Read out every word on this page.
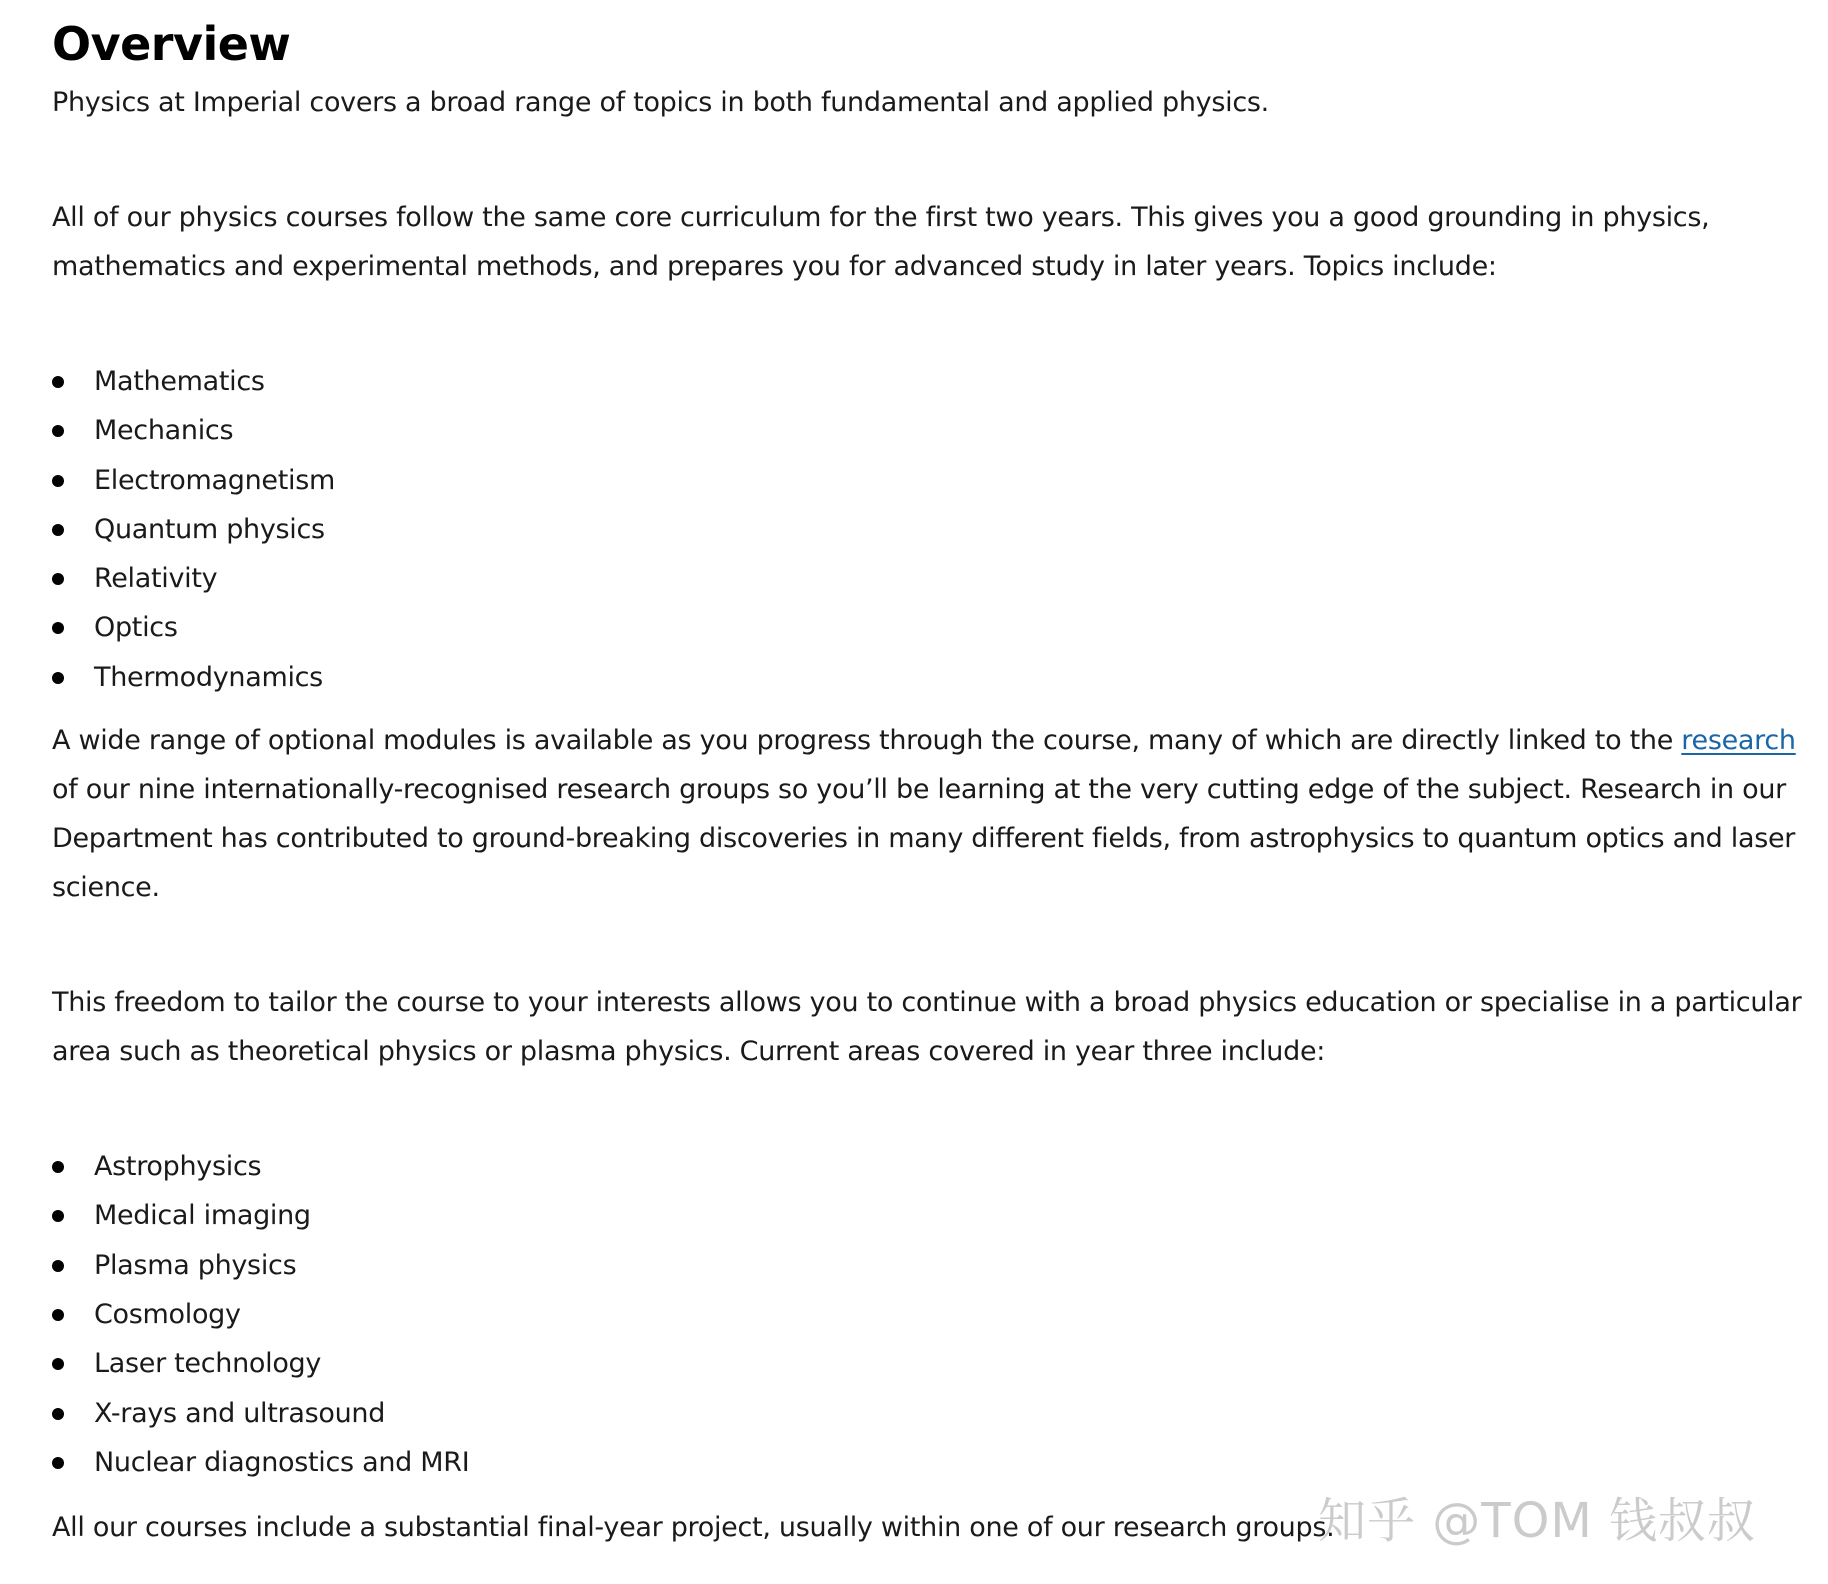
Overview

Physics at Imperial covers a broad range of topics in both fundamental and applied physics.

All of our physics courses follow the same core curriculum for the first two years. This gives you a good grounding in physics, mathematics and experimental methods, and prepares you for advanced study in later years. Topics include:

Mathematics
Mechanics
Electromagnetism
Quantum physics
Relativity
Optics
Thermodynamics

A wide range of optional modules is available as you progress through the course, many of which are directly linked to the research of our nine internationally-recognised research groups so you’ll be learning at the very cutting edge of the subject. Research in our Department has contributed to ground-breaking discoveries in many different fields, from astrophysics to quantum optics and laser science.

This freedom to tailor the course to your interests allows you to continue with a broad physics education or specialise in a particular area such as theoretical physics or plasma physics. Current areas covered in year three include:

Astrophysics
Medical imaging
Plasma physics
Cosmology
Laser technology
X-rays and ultrasound
Nuclear diagnostics and MRI

All our courses include a substantial final-year project, usually within one of our research groups.

知乎 @TOM 钱叔叔
